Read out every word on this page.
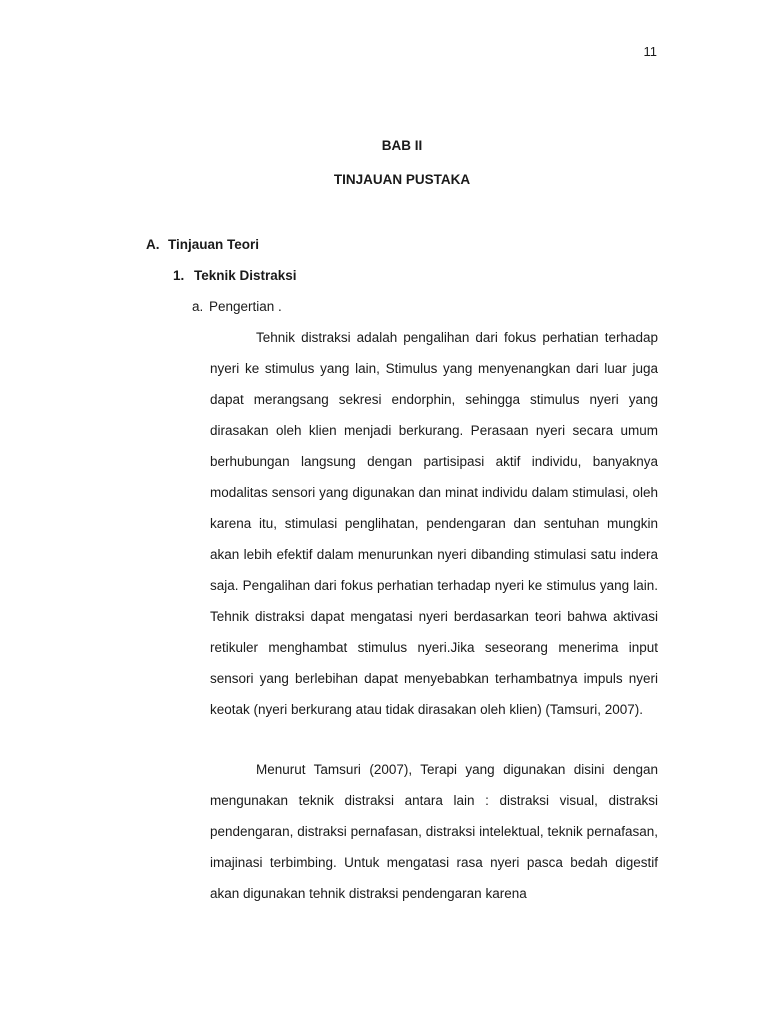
11
BAB II
TINJAUAN PUSTAKA
A. Tinjauan Teori
1. Teknik Distraksi
a. Pengertian .

Tehnik distraksi adalah pengalihan dari fokus perhatian terhadap nyeri ke stimulus yang lain, Stimulus yang menyenangkan dari luar juga dapat merangsang sekresi endorphin, sehingga stimulus nyeri yang dirasakan oleh klien menjadi berkurang. Perasaan nyeri secara umum berhubungan langsung dengan partisipasi aktif individu, banyaknya modalitas sensori yang digunakan dan minat individu dalam stimulasi, oleh karena itu, stimulasi penglihatan, pendengaran dan sentuhan mungkin akan lebih efektif dalam menurunkan nyeri dibanding stimulasi satu indera saja. Pengalihan dari fokus perhatian terhadap nyeri ke stimulus yang lain. Tehnik distraksi dapat mengatasi nyeri berdasarkan teori bahwa aktivasi retikuler menghambat stimulus nyeri.Jika seseorang menerima input sensori yang berlebihan dapat menyebabkan terhambatnya impuls nyeri keotak (nyeri berkurang atau tidak dirasakan oleh klien) (Tamsuri, 2007).

Menurut Tamsuri (2007), Terapi yang digunakan disini dengan mengunakan teknik distraksi antara lain : distraksi visual, distraksi pendengaran, distraksi pernafasan, distraksi intelektual, teknik pernafasan, imajinasi terbimbing. Untuk mengatasi rasa nyeri pasca bedah digestif akan digunakan tehnik distraksi pendengaran karena
